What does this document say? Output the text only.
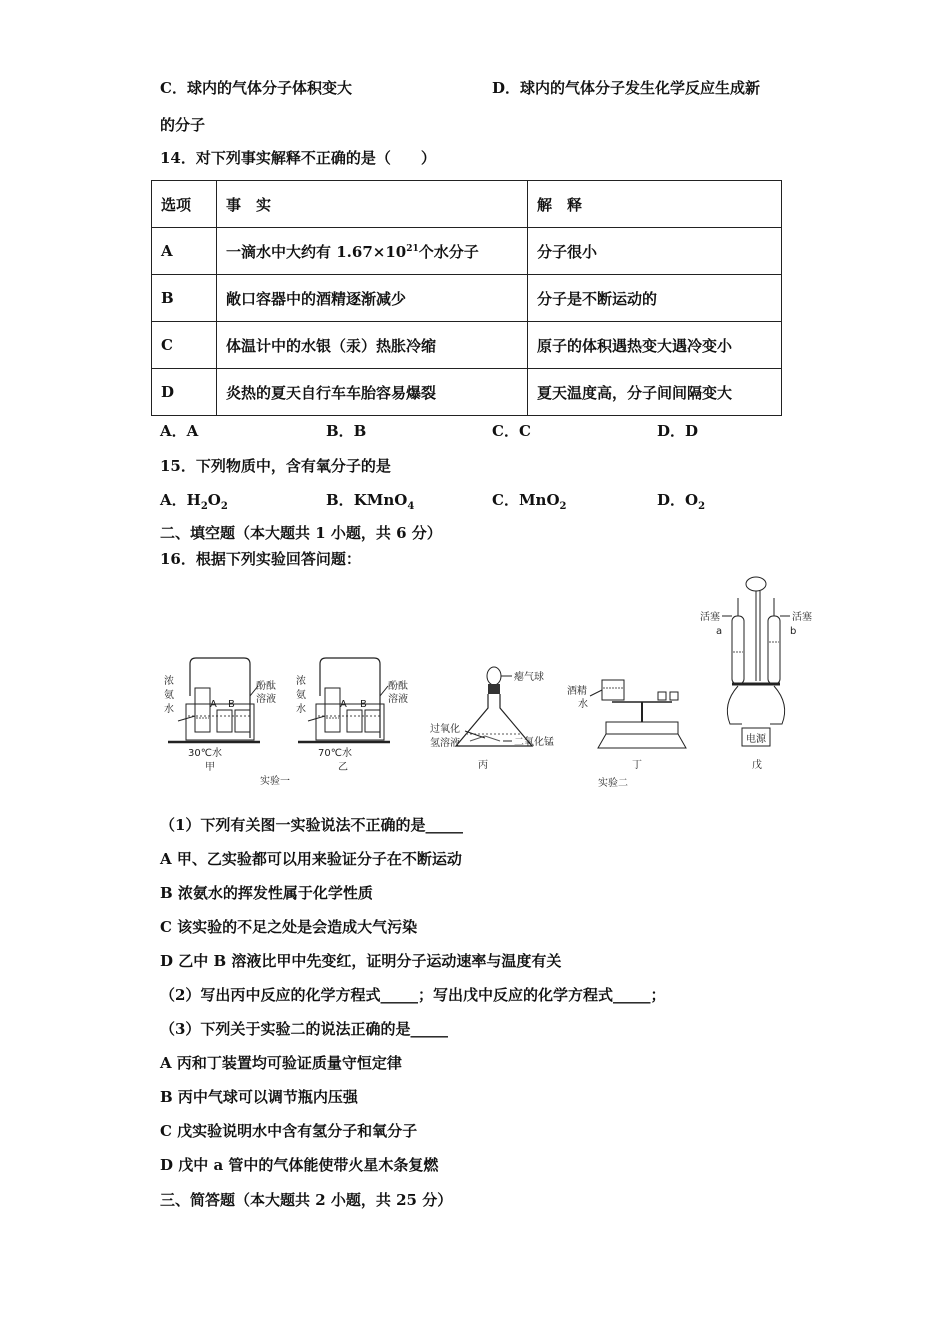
C．球内的气体分子体积变大	D．球内的气体分子发生化学反应生成新
的分子
14．对下列事实解释不正确的是（　　）
选项	事　实	解　释
A	一滴水中大约有 $1.67\times 10^{21}$个水分子	分子很小
B	敞口容器中的酒精逐渐减少	分子是不断运动的
C	体温计中的水银（汞）热胀冷缩	原子的体积遇热变大遇冷变小
D	炎热的夏天自行车车胎容易爆裂	夏天温度高，分子间间隔变大
A．A	B．B	C．C	D．D
15．下列物质中，含有氧分子的是
A．$H_2O_2$	B．KMnO$_4$	C．MnO$_2$	D．$O_2$
二、填空题（本大题共 1 小题，共 6 分）
16．根据下列实验回答问题：
浓
氨
水	A B
酚酞
溶液
30℃水
甲
浓
氨
水	A B
酚酞
溶液
70℃水
乙
实验一
瘪气球
过氧化
氢溶液	二氧化锰
丙
酒精
水
丁
实验二
活塞	活塞
a	b
电源
戊
（1）下列有关图一实验说法不正确的是_____
A 甲、乙实验都可以用来验证分子在不断运动
B 浓氨水的挥发性属于化学性质
C 该实验的不足之处是会造成大气污染
D 乙中 B 溶液比甲中先变红，证明分子运动速率与温度有关
（2）写出丙中反应的化学方程式_____；写出戊中反应的化学方程式_____；
（3）下列关于实验二的说法正确的是_____
A 丙和丁装置均可验证质量守恒定律
B 丙中气球可以调节瓶内压强
C 戊实验说明水中含有氢分子和氧分子
D 戊中 a 管中的气体能使带火星木条复燃
三、简答题（本大题共 2 小题，共 25 分）
